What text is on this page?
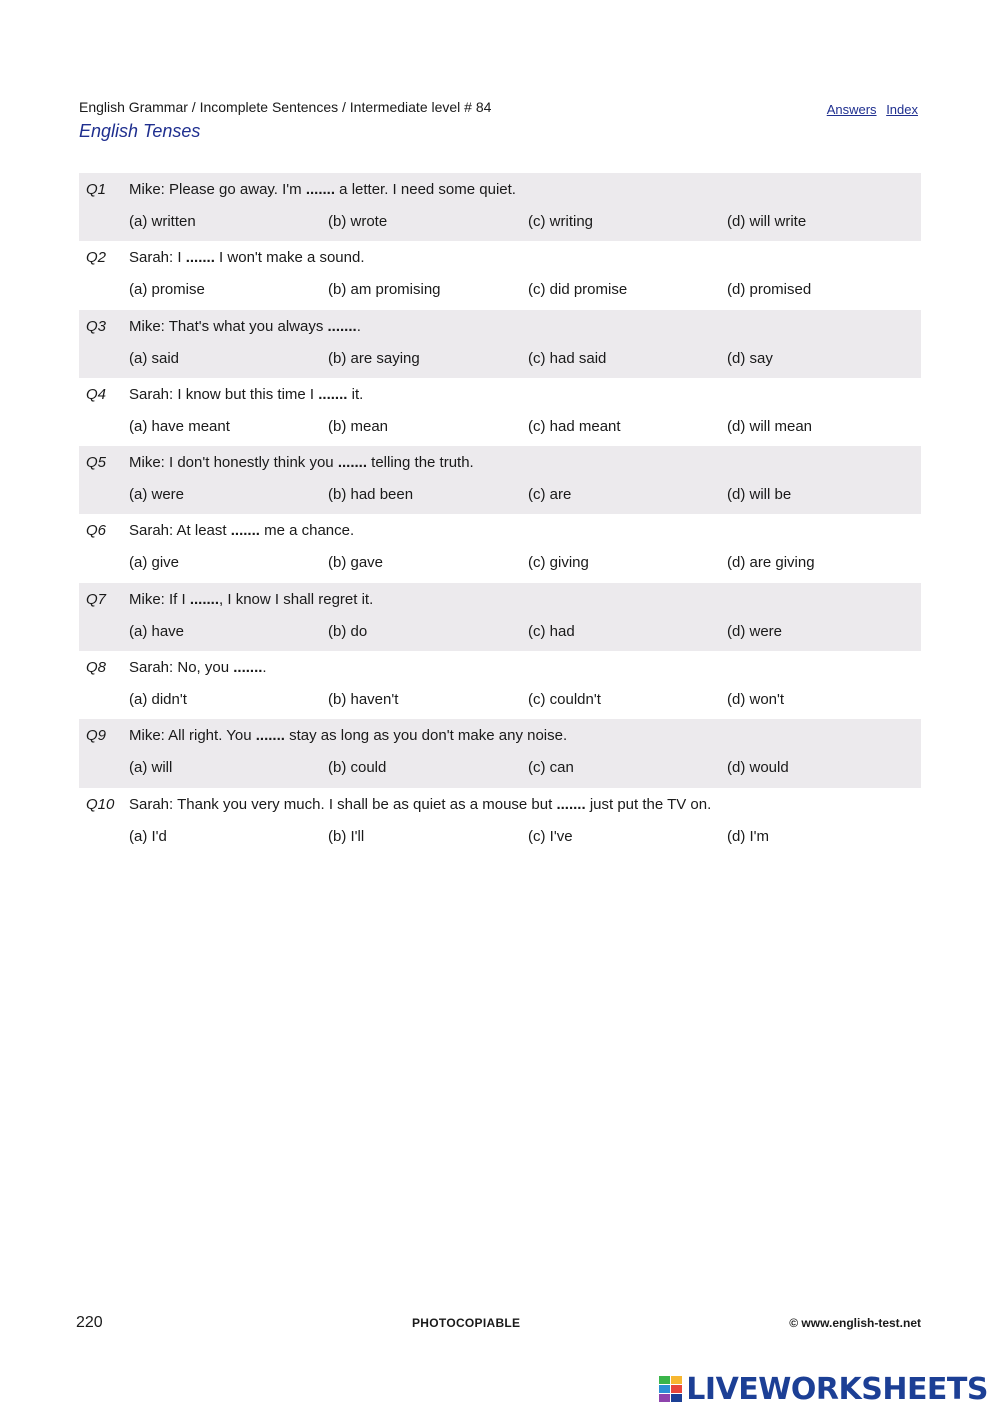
English Grammar / Incomplete Sentences / Intermediate level # 84
English Tenses
Answers Index
Q1 Mike: Please go away. I'm ....... a letter. I need some quiet.
(a) written	(b) wrote	(c) writing	(d) will write
Q2 Sarah: I ....... I won't make a sound.
(a) promise	(b) am promising	(c) did promise	(d) promised
Q3 Mike: That's what you always ........
(a) said	(b) are saying	(c) had said	(d) say
Q4 Sarah: I know but this time I ....... it.
(a) have meant	(b) mean	(c) had meant	(d) will mean
Q5 Mike: I don't honestly think you ....... telling the truth.
(a) were	(b) had been	(c) are	(d) will be
Q6 Sarah: At least ....... me a chance.
(a) give	(b) gave	(c) giving	(d) are giving
Q7 Mike: If I ......., I know I shall regret it.
(a) have	(b) do	(c) had	(d) were
Q8 Sarah: No, you ........
(a) didn't	(b) haven't	(c) couldn't	(d) won't
Q9 Mike: All right. You ....... stay as long as you don't make any noise.
(a) will	(b) could	(c) can	(d) would
Q10 Sarah: Thank you very much. I shall be as quiet as a mouse but ....... just put the TV on.
(a) I'd	(b) I'll	(c) I've	(d) I'm
220	PHOTOCOPIABLE	© www.english-test.net
LIVEWORKSHEETS
